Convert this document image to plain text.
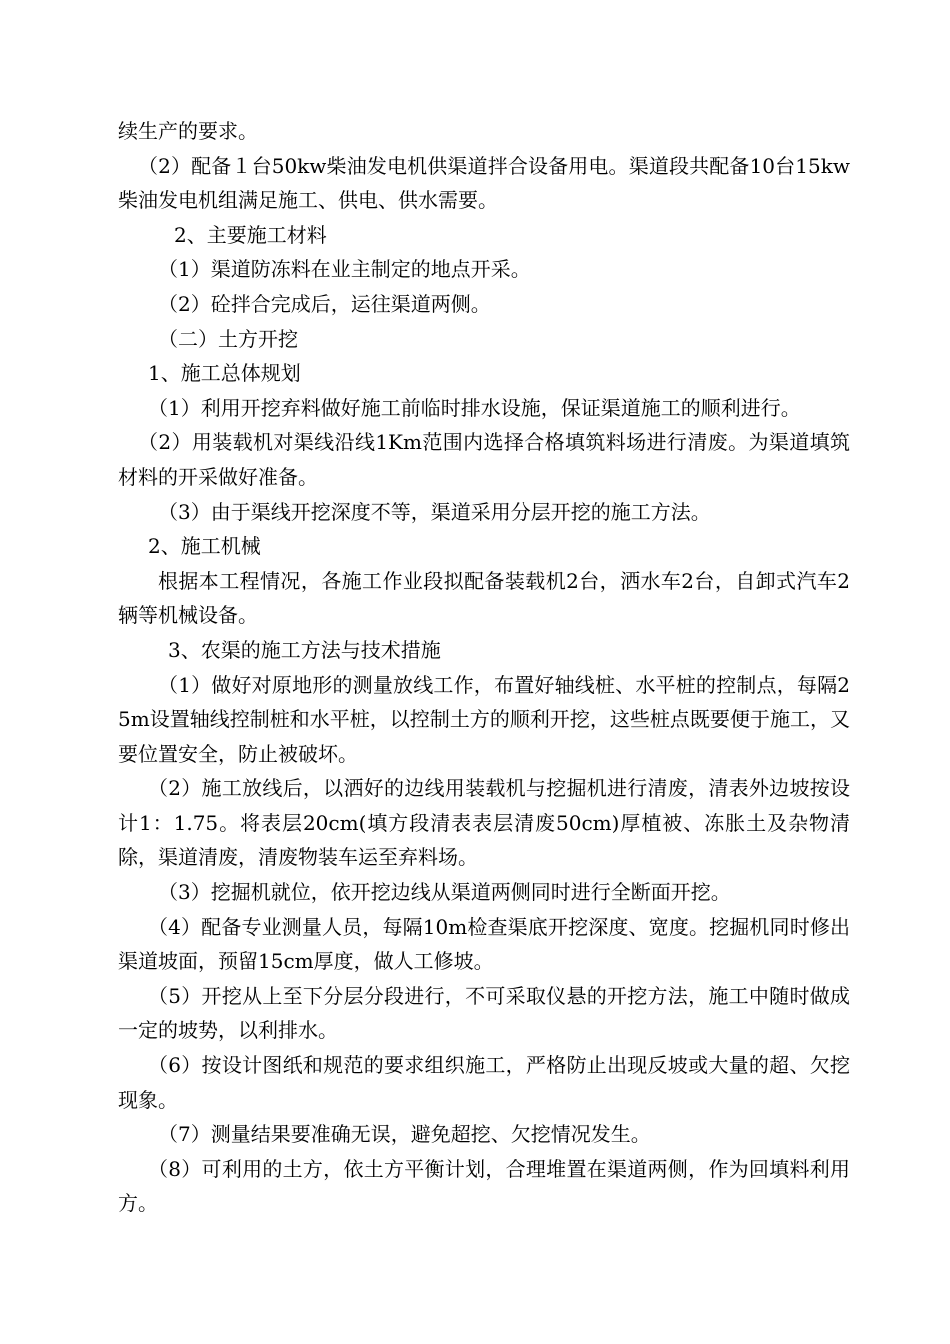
续生产的要求。

（2）配备１台50kw柴油发电机供渠道拌合设备用电。渠道段共配备10台15kw柴油发电机组满足施工、供电、供水需要。

2、主要施工材料

（1）渠道防冻料在业主制定的地点开采。

（2）砼拌合完成后，运往渠道两侧。

（二）土方开挖

1、施工总体规划

（1）利用开挖弃料做好施工前临时排水设施，保证渠道施工的顺利进行。

（2）用装载机对渠线沿线1Km范围内选择合格填筑料场进行清废。为渠道填筑材料的开采做好准备。

（3）由于渠线开挖深度不等，渠道采用分层开挖的施工方法。

2、施工机械

根据本工程情况，各施工作业段拟配备装载机2台，洒水车2台，自卸式汽车2辆等机械设备。

3、农渠的施工方法与技术措施

（1）做好对原地形的测量放线工作，布置好轴线桩、水平桩的控制点，每隔25m设置轴线控制桩和水平桩，以控制土方的顺利开挖，这些桩点既要便于施工，又要位置安全，防止被破坏。

（2）施工放线后，以洒好的边线用装载机与挖掘机进行清废，清表外边坡按设计1：1.75。将表层20cm(填方段清表表层清废50cm)厚植被、冻胀土及杂物清除，渠道清废，清废物装车运至弃料场。

（3）挖掘机就位，依开挖边线从渠道两侧同时进行全断面开挖。

（4）配备专业测量人员，每隔10m检查渠底开挖深度、宽度。挖掘机同时修出渠道坡面，预留15cm厚度，做人工修坡。

（5）开挖从上至下分层分段进行，不可采取仪悬的开挖方法，施工中随时做成一定的坡势，以利排水。

（6）按设计图纸和规范的要求组织施工，严格防止出现反坡或大量的超、欠挖现象。

（7）测量结果要准确无误，避免超挖、欠挖情况发生。

（8）可利用的土方，依土方平衡计划，合理堆置在渠道两侧，作为回填料利用方。
